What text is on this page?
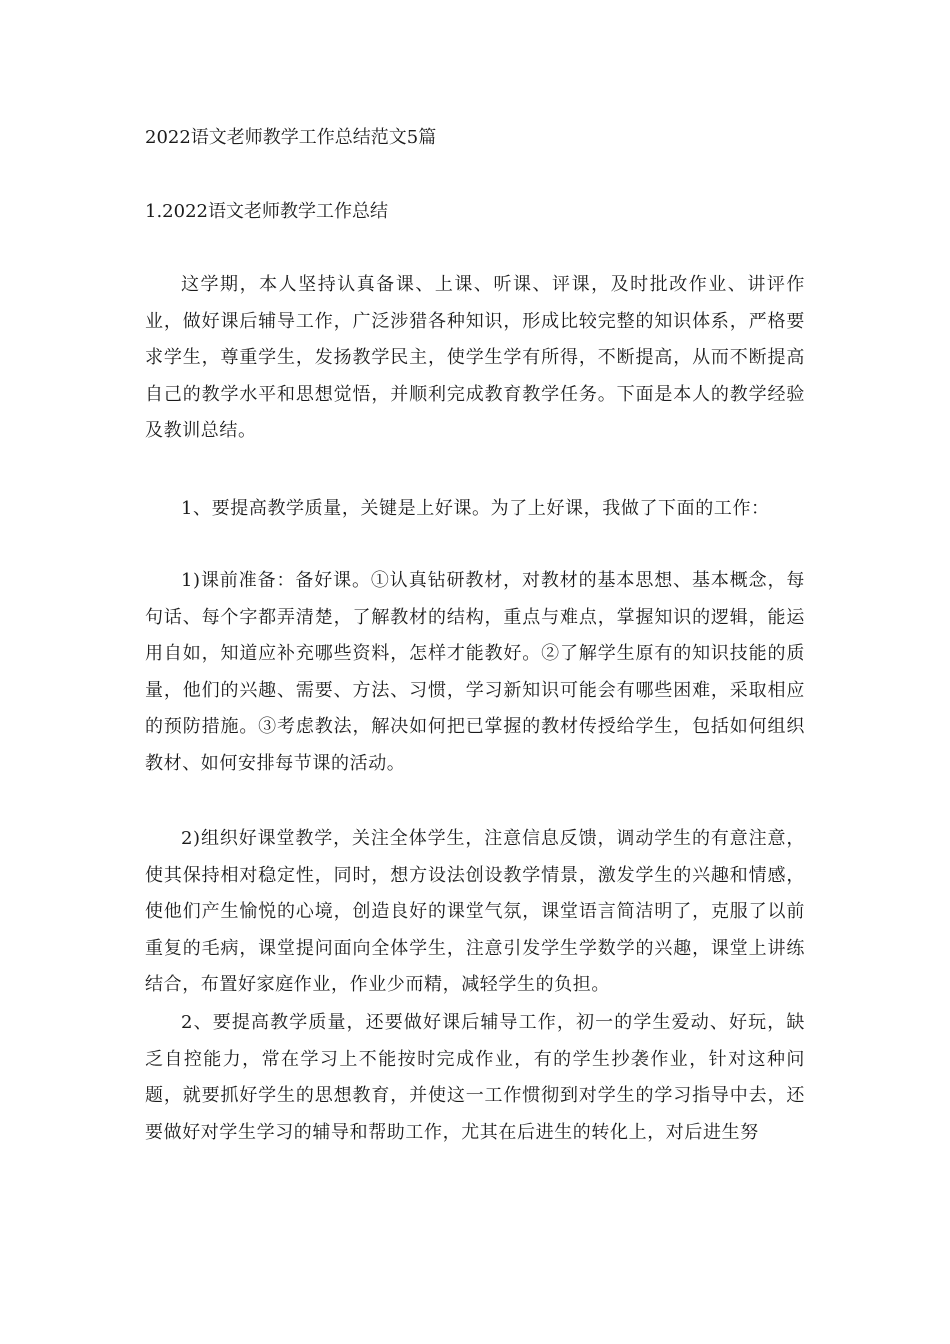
2022语文老师教学工作总结范文5篇
1.2022语文老师教学工作总结

这学期，本人坚持认真备课、上课、听课、评课，及时批改作业、讲评作业，做好课后辅导工作，广泛涉猎各种知识，形成比较完整的知识体系，严格要求学生，尊重学生，发扬教学民主，使学生学有所得，不断提高，从而不断提高自己的教学水平和思想觉悟，并顺利完成教育教学任务。下面是本人的教学经验及教训总结。

1、要提高教学质量，关键是上好课。为了上好课，我做了下面的工作：

1)课前准备：备好课。①认真钻研教材，对教材的基本思想、基本概念，每句话、每个字都弄清楚，了解教材的结构，重点与难点，掌握知识的逻辑，能运用自如，知道应补充哪些资料，怎样才能教好。②了解学生原有的知识技能的质量，他们的兴趣、需要、方法、习惯，学习新知识可能会有哪些困难，采取相应的预防措施。③考虑教法，解决如何把已掌握的教材传授给学生，包括如何组织教材、如何安排每节课的活动。

2)组织好课堂教学，关注全体学生，注意信息反馈，调动学生的有意注意，使其保持相对稳定性，同时，想方设法创设教学情景，激发学生的兴趣和情感，使他们产生愉悦的心境，创造良好的课堂气氛，课堂语言简洁明了，克服了以前重复的毛病，课堂提问面向全体学生，注意引发学生学数学的兴趣，课堂上讲练结合，布置好家庭作业，作业少而精，减轻学生的负担。

2、要提高教学质量，还要做好课后辅导工作，初一的学生爱动、好玩，缺乏自控能力，常在学习上不能按时完成作业，有的学生抄袭作业，针对这种问题，就要抓好学生的思想教育，并使这一工作惯彻到对学生的学习指导中去，还要做好对学生学习的辅导和帮助工作，尤其在后进生的转化上，对后进生努
